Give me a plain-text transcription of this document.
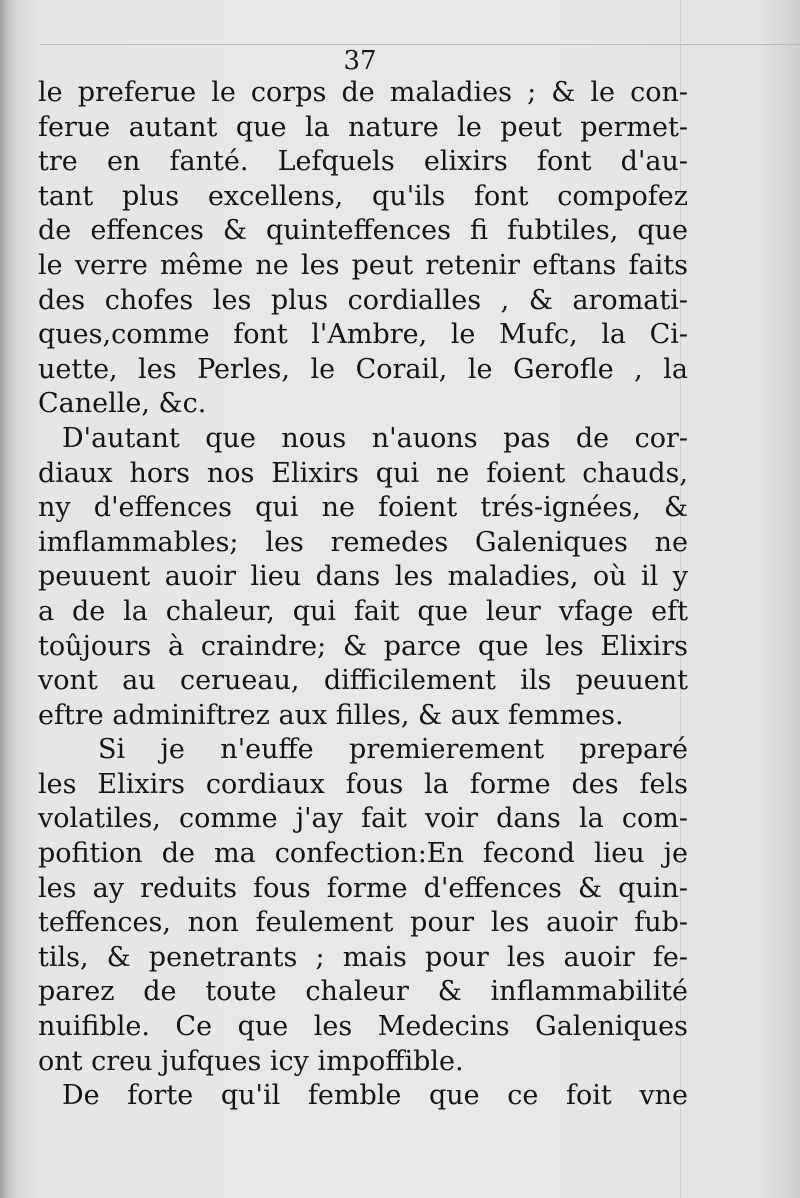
37
le preferue le corps de maladies ; & le con-
ferue autant que la nature le peut permet-
tre en fanté. Lefquels elixirs font d'au-
tant plus excellens, qu'ils font compofez
de effences & quinteffences fi fubtiles, que
le verre même ne les peut retenir eftans faits
des chofes les plus cordialles , & aromati-
ques,comme font l'Ambre, le Mufc, la Ci-
uette, les Perles, le Corail, le Gerofle , la
Canelle, &c.
D'autant que nous n'auons pas de cor-
diaux hors nos Elixirs qui ne foient chauds,
ny d'effences qui ne foient trés-ignées, &
imflammables; les remedes Galeniques ne
peuuent auoir lieu dans les maladies, où il y
a de la chaleur, qui fait que leur vfage eft
toûjours à craindre; & parce que les Elixirs
vont au cerueau, difficilement ils peuuent
eftre adminiftrez aux filles, & aux femmes.
Si je n'euffe premierement preparé
les Elixirs cordiaux fous la forme des fels
volatiles, comme j'ay fait voir dans la com-
pofition de ma confection:En fecond lieu je
les ay reduits fous forme d'effences & quin-
teffences, non feulement pour les auoir fub-
tils, & penetrants ; mais pour les auoir fe-
parez de toute chaleur & inflammabilité
nuifible. Ce que les Medecins Galeniques
ont creu jufques icy impoffible.
De forte qu'il femble que ce foit vne
